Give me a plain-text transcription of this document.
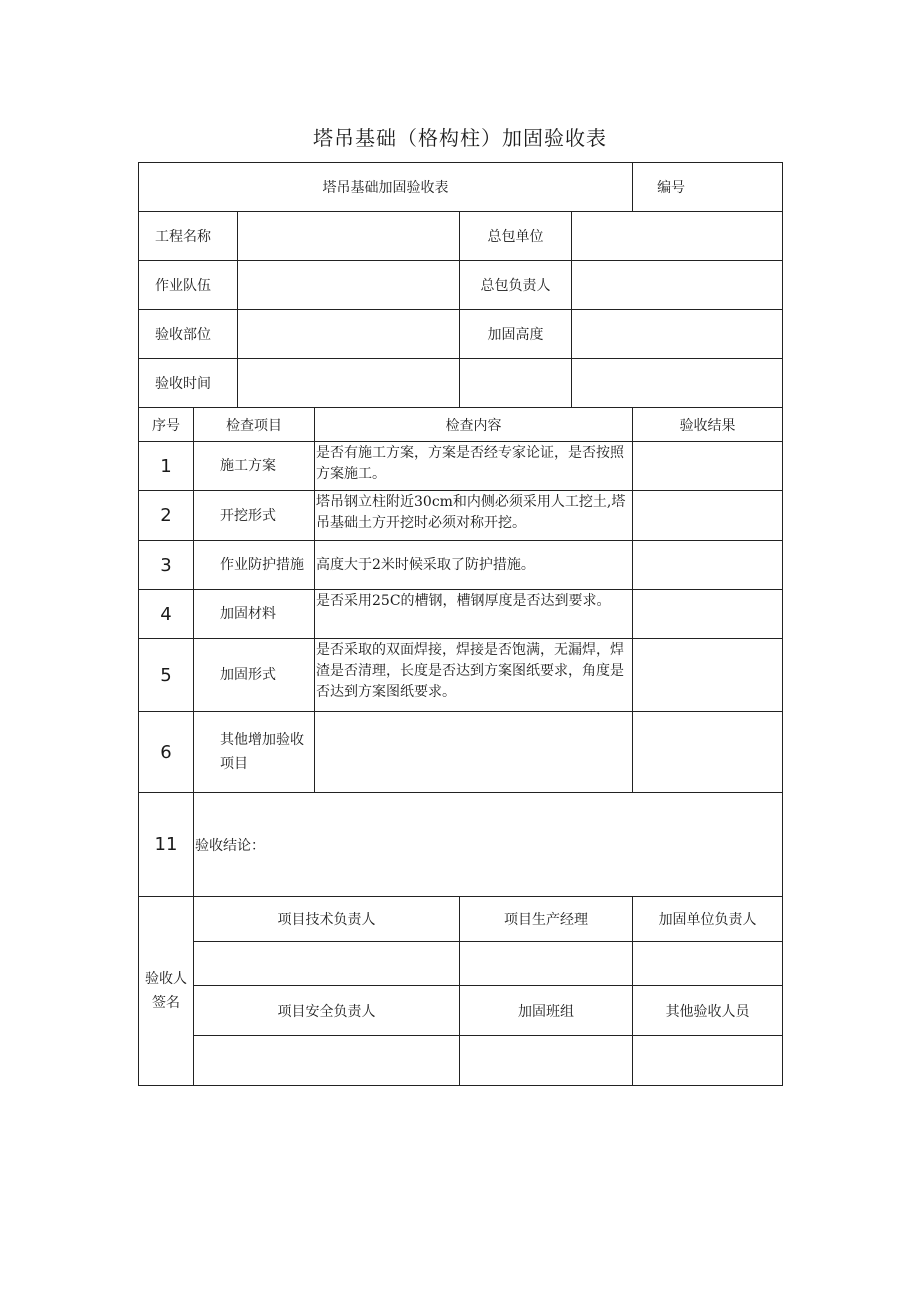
塔吊基础（格构柱）加固验收表
塔吊基础加固验收表						编号
工程名称				总包单位		
作业队伍				总包负责人		
验收部位				加固高度		
验收时间						
序号	检查项目		检查内容			验收结果
1	施工方案		是否有施工方案，方案是否经专家论证，是否按照方案施工。			
2	开挖形式		塔吊钢立柱附近30cm和内侧必须采用人工挖土,塔吊基础土方开挖时必须对称开挖。			
3	作业防护措施		高度大于2米时候采取了防护措施。			
4	加固材料		是否采用25C的槽钢，槽钢厚度是否达到要求。			
5	加固形式		是否采取的双面焊接，焊接是否饱满，无漏焊，焊渣是否清理，长度是否达到方案图纸要求，角度是否达到方案图纸要求。			
6	其他增加验收项目					
11	验收结论：					
验收人签名	项目技术负责人			项目生产经理		加固单位负责人

	项目安全负责人			加固班组		其他验收人员
